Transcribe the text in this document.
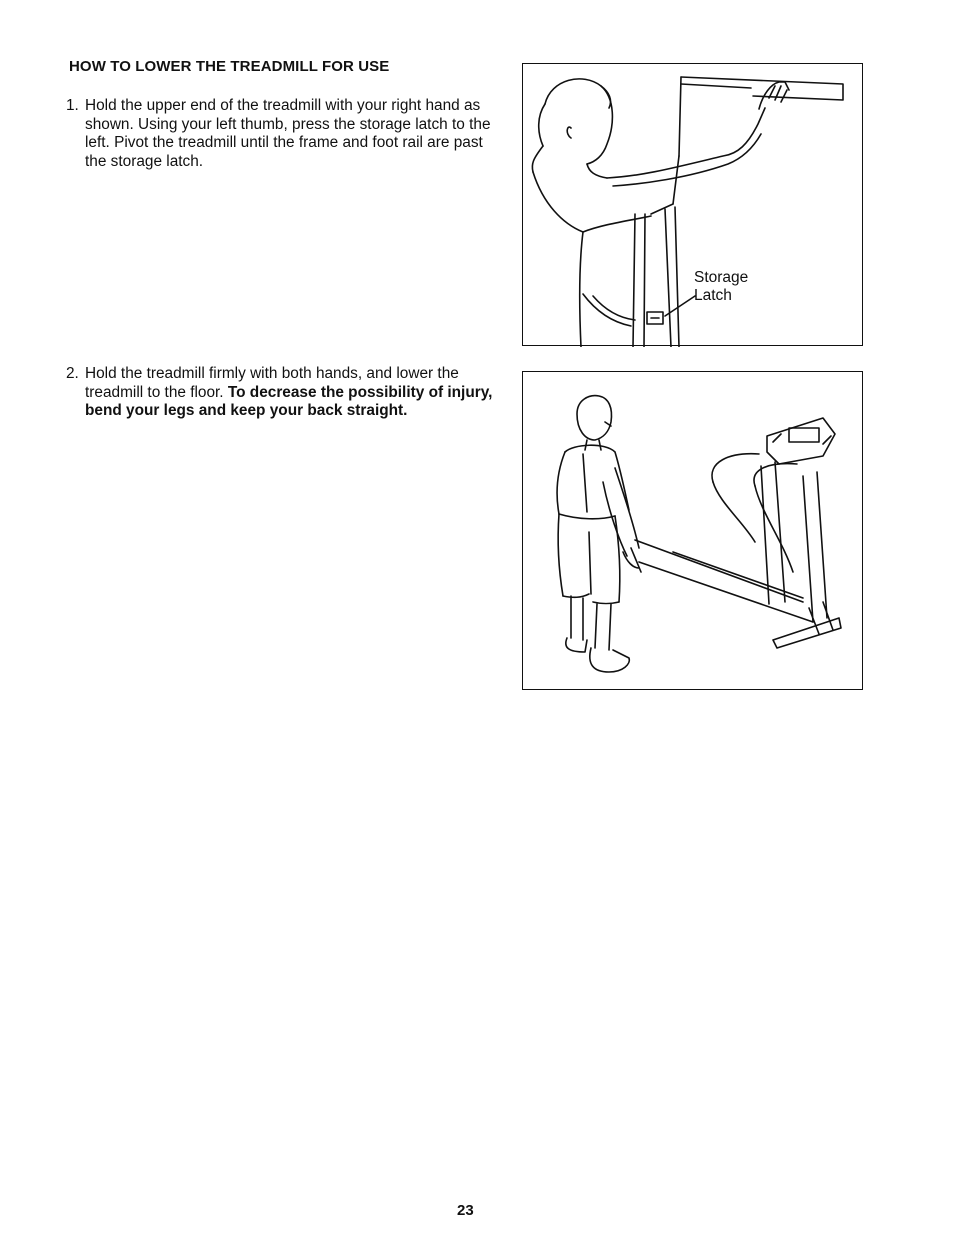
HOW TO LOWER THE TREADMILL FOR USE
1. Hold the upper end of the treadmill with your right hand as shown. Using your left thumb, press the storage latch to the left. Pivot the treadmill until the frame and foot rail are past the storage latch.
2. Hold the treadmill firmly with both hands, and lower the treadmill to the floor. To decrease the possibility of injury, bend your legs and keep your back straight.
Storage
Latch
23
